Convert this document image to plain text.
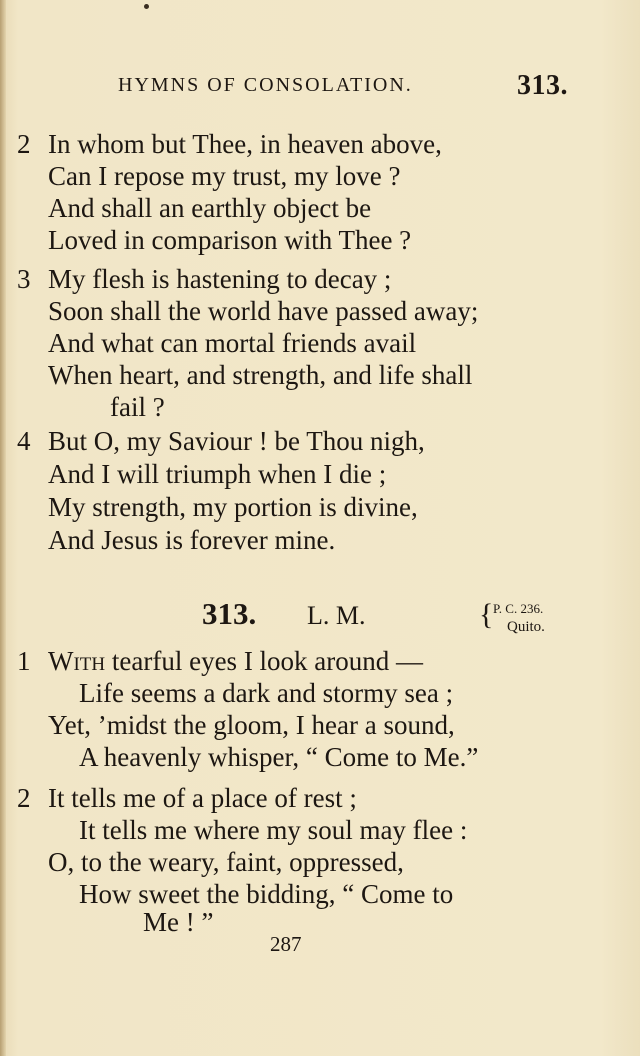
HYMNS OF CONSOLATION.	313.
2 In whom but Thee, in heaven above,
Can I repose my trust, my love ?
And shall an earthly object be
Loved in comparison with Thee ?
3 My flesh is hastening to decay ;
Soon shall the world have passed away;
And what can mortal friends avail
When heart, and strength, and life shall
fail ?
4 But O, my Saviour ! be Thou nigh,
And I will triumph when I die ;
My strength, my portion is divine,
And Jesus is forever mine.
313. L. M.	{ P. C. 236.
Quito.
1 With tearful eyes I look around —
Life seems a dark and stormy sea ;
Yet, ’midst the gloom, I hear a sound,
A heavenly whisper, “ Come to Me.”
2 It tells me of a place of rest ;
It tells me where my soul may flee :
O, to the weary, faint, oppressed,
How sweet the bidding, “ Come to
Me ! ”
287
